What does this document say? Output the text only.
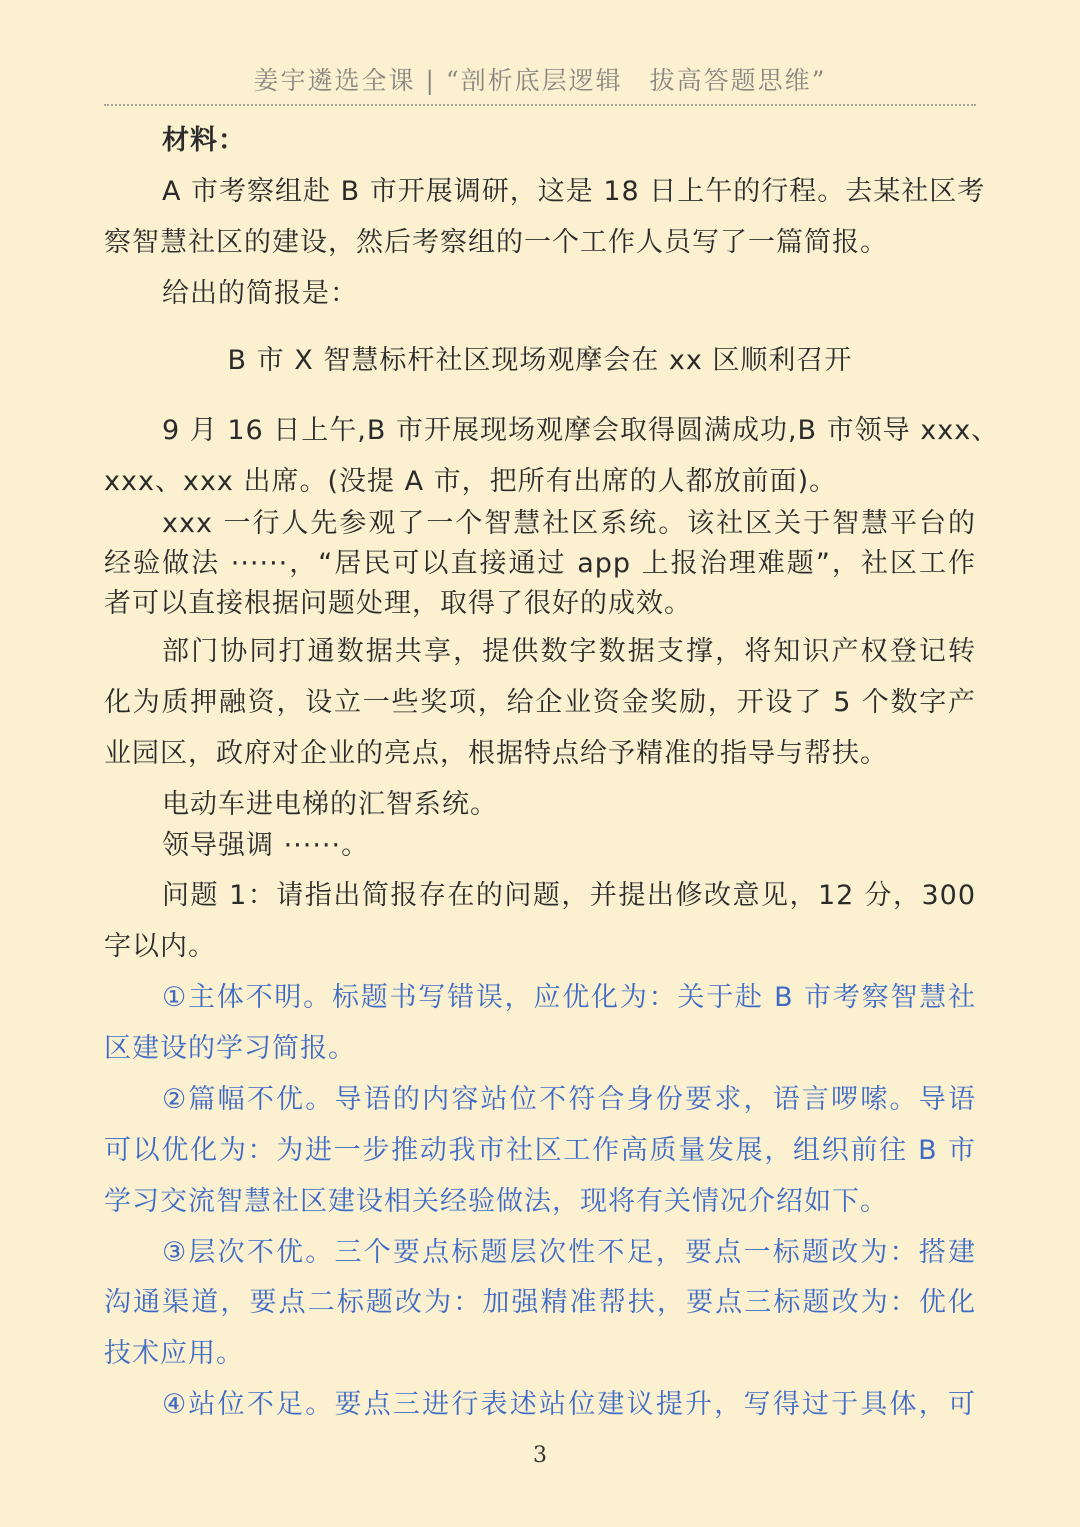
姜宇遴选全课 | “剖析底层逻辑　拔高答题思维”
材料：
A 市考察组赴 B 市开展调研，这是 18 日上午的行程。去某社区考
察智慧社区的建设，然后考察组的一个工作人员写了一篇简报。
给出的简报是：
B 市 X 智慧标杆社区现场观摩会在 xx 区顺利召开
9 月 16 日上午,B 市开展现场观摩会取得圆满成功,B 市领导 xxx、
xxx、xxx 出席。(没提 A 市，把所有出席的人都放前面)。
xxx 一行人先参观了一个智慧社区系统。该社区关于智慧平台的
经验做法 ······，“居民可以直接通过 app 上报治理难题”，社区工作
者可以直接根据问题处理，取得了很好的成效。
部门协同打通数据共享，提供数字数据支撑，将知识产权登记转
化为质押融资，设立一些奖项，给企业资金奖励，开设了 5 个数字产
业园区，政府对企业的亮点，根据特点给予精准的指导与帮扶。
电动车进电梯的汇智系统。
领导强调 ······。
问题 1：请指出简报存在的问题，并提出修改意见，12 分，300
字以内。
①主体不明。标题书写错误，应优化为：关于赴 B 市考察智慧社
区建设的学习简报。
②篇幅不优。导语的内容站位不符合身份要求，语言啰嗦。导语
可以优化为：为进一步推动我市社区工作高质量发展，组织前往 B 市
学习交流智慧社区建设相关经验做法，现将有关情况介绍如下。
③层次不优。三个要点标题层次性不足，要点一标题改为：搭建
沟通渠道，要点二标题改为：加强精准帮扶，要点三标题改为：优化
技术应用。
④站位不足。要点三进行表述站位建议提升，写得过于具体，可
3
